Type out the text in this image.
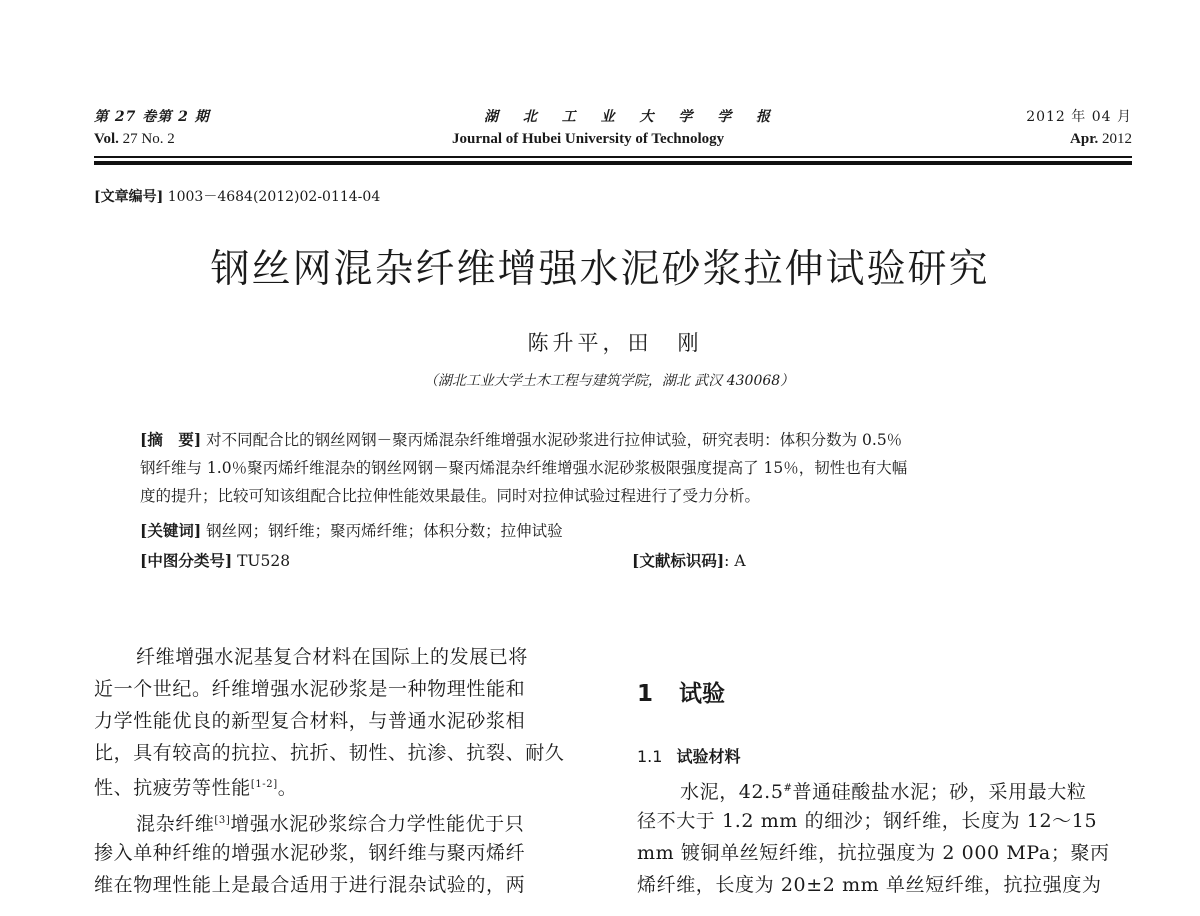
第 27 卷第 2 期	湖 北 工 业 大 学 学 报	2012 年 04 月
Vol. 27 No. 2	Journal of Hubei University of Technology	Apr. 2012
[文章编号] 1003－4684(2012)02-0114-04
钢丝网混杂纤维增强水泥砂浆拉伸试验研究
陈升平，田　刚
（湖北工业大学土木工程与建筑学院，湖北 武汉 430068）
[摘　要] 对不同配合比的钢丝网钢－聚丙烯混杂纤维增强水泥砂浆进行拉伸试验，研究表明：体积分数为 0.5％
钢纤维与 1.0％聚丙烯纤维混杂的钢丝网钢－聚丙烯混杂纤维增强水泥砂浆极限强度提高了 15％，韧性也有大幅
度的提升；比较可知该组配合比拉伸性能效果最佳。同时对拉伸试验过程进行了受力分析。
[关键词] 钢丝网；钢纤维；聚丙烯纤维；体积分数；拉伸试验
[中图分类号] TU528	[文献标识码]: A
纤维增强水泥基复合材料在国际上的发展已将
近一个世纪。纤维增强水泥砂浆是一种物理性能和
力学性能优良的新型复合材料，与普通水泥砂浆相
比，具有较高的抗拉、抗折、韧性、抗渗、抗裂、耐久
性、抗疲劳等性能[1-2]。
混杂纤维[3]增强水泥砂浆综合力学性能优于只
掺入单种纤维的增强水泥砂浆，钢纤维与聚丙烯纤
维在物理性能上是最合适用于进行混杂试验的，两
1 试验
1.1 试验材料
水泥，42.5#普通硅酸盐水泥；砂，采用最大粒
径不大于 1.2 mm 的细沙；钢纤维，长度为 12～15
mm 镀铜单丝短纤维，抗拉强度为 2 000 MPa；聚丙
烯纤维，长度为 20±2 mm 单丝短纤维，抗拉强度为
